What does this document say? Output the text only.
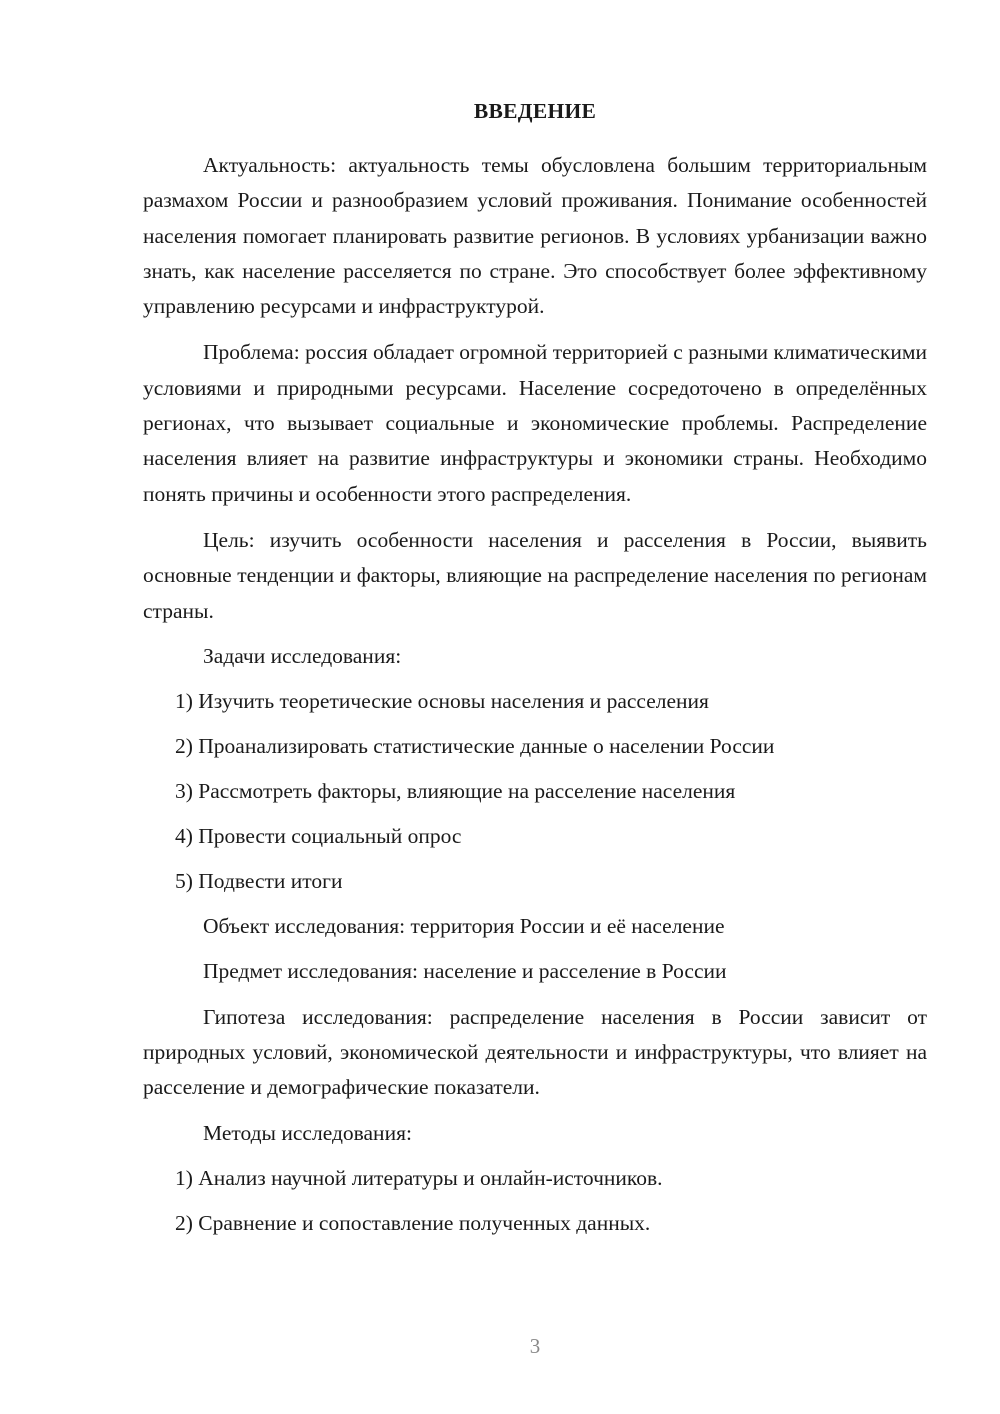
ВВЕДЕНИЕ

Актуальность: актуальность темы обусловлена большим территориальным размахом России и разнообразием условий проживания. Понимание особенностей населения помогает планировать развитие регионов. В условиях урбанизации важно знать, как население расселяется по стране. Это способствует более эффективному управлению ресурсами и инфраструктурой.

Проблема: россия обладает огромной территорией с разными климатическими условиями и природными ресурсами. Население сосредоточено в определённых регионах, что вызывает социальные и экономические проблемы. Распределение населения влияет на развитие инфраструктуры и экономики страны. Необходимо понять причины и особенности этого распределения.

Цель: изучить особенности населения и расселения в России, выявить основные тенденции и факторы, влияющие на распределение населения по регионам страны.

Задачи исследования:

1) Изучить теоретические основы населения и расселения

2) Проанализировать статистические данные о населении России

3) Рассмотреть факторы, влияющие на расселение населения

4) Провести социальный опрос

5) Подвести итоги

Объект исследования: территория России и её население

Предмет исследования: население и расселение в России

Гипотеза исследования: распределение населения в России зависит от природных условий, экономической деятельности и инфраструктуры, что влияет на расселение и демографические показатели.

Методы исследования:

1) Анализ научной литературы и онлайн-источников.

2) Сравнение и сопоставление полученных данных.

3
